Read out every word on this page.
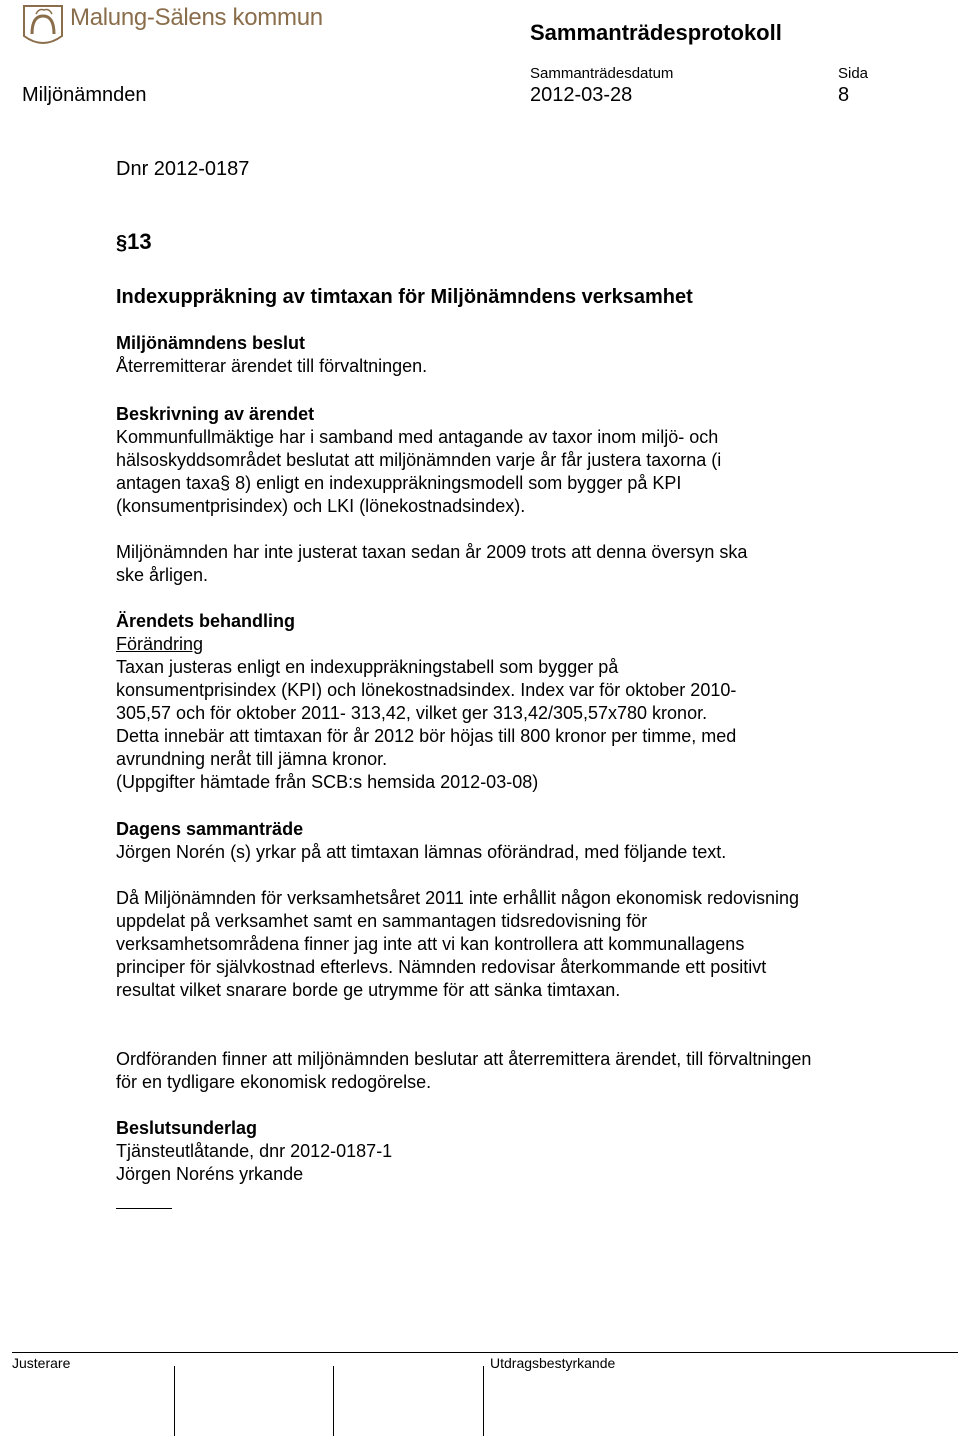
Malung-Sälens kommun
Sammanträdesprotokoll
Sammanträdesdatum	Sida
Miljönämnden	2012-03-28	8
Dnr 2012-0187
§13
Indexuppräkning av timtaxan för Miljönämndens verksamhet
Miljönämndens beslut

Återremitterar ärendet till förvaltningen.

Beskrivning av ärendet

Kommunfullmäktige har i samband med antagande av taxor inom miljö- och
hälsoskyddsområdet beslutat att miljönämnden varje år får justera taxorna (i
antagen taxa§ 8) enligt en indexuppräkningsmodell som bygger på KPI
(konsumentprisindex) och LKI (lönekostnadsindex).

Miljönämnden har inte justerat taxan sedan år 2009 trots att denna översyn ska
ske årligen.

Ärendets behandling
Förändring

Taxan justeras enligt en indexuppräkningstabell som bygger på
konsumentprisindex (KPI) och lönekostnadsindex. Index var för oktober 2010-
305,57 och för oktober 2011- 313,42, vilket ger 313,42/305,57x780 kronor.
Detta innebär att timtaxan för år 2012 bör höjas till 800 kronor per timme, med
avrundning neråt till jämna kronor.
(Uppgifter hämtade från SCB:s hemsida 2012-03-08)

Dagens sammanträde

Jörgen Norén (s) yrkar på att timtaxan lämnas oförändrad, med följande text.

Då Miljönämnden för verksamhetsåret 2011 inte erhållit någon ekonomisk redovisning
uppdelat på verksamhet samt en sammantagen tidsredovisning för
verksamhetsområdena finner jag inte att vi kan kontrollera att kommunallagens
principer för självkostnad efterlevs. Nämnden redovisar återkommande ett positivt
resultat vilket snarare borde ge utrymme för att sänka timtaxan.

Ordföranden finner att miljönämnden beslutar att återremittera ärendet, till förvaltningen
för en tydligare ekonomisk redogörelse.

Beslutsunderlag
Tjänsteutlåtande, dnr 2012-0187-1
Jörgen Noréns yrkande
Justerare	Utdragsbestyrkande
